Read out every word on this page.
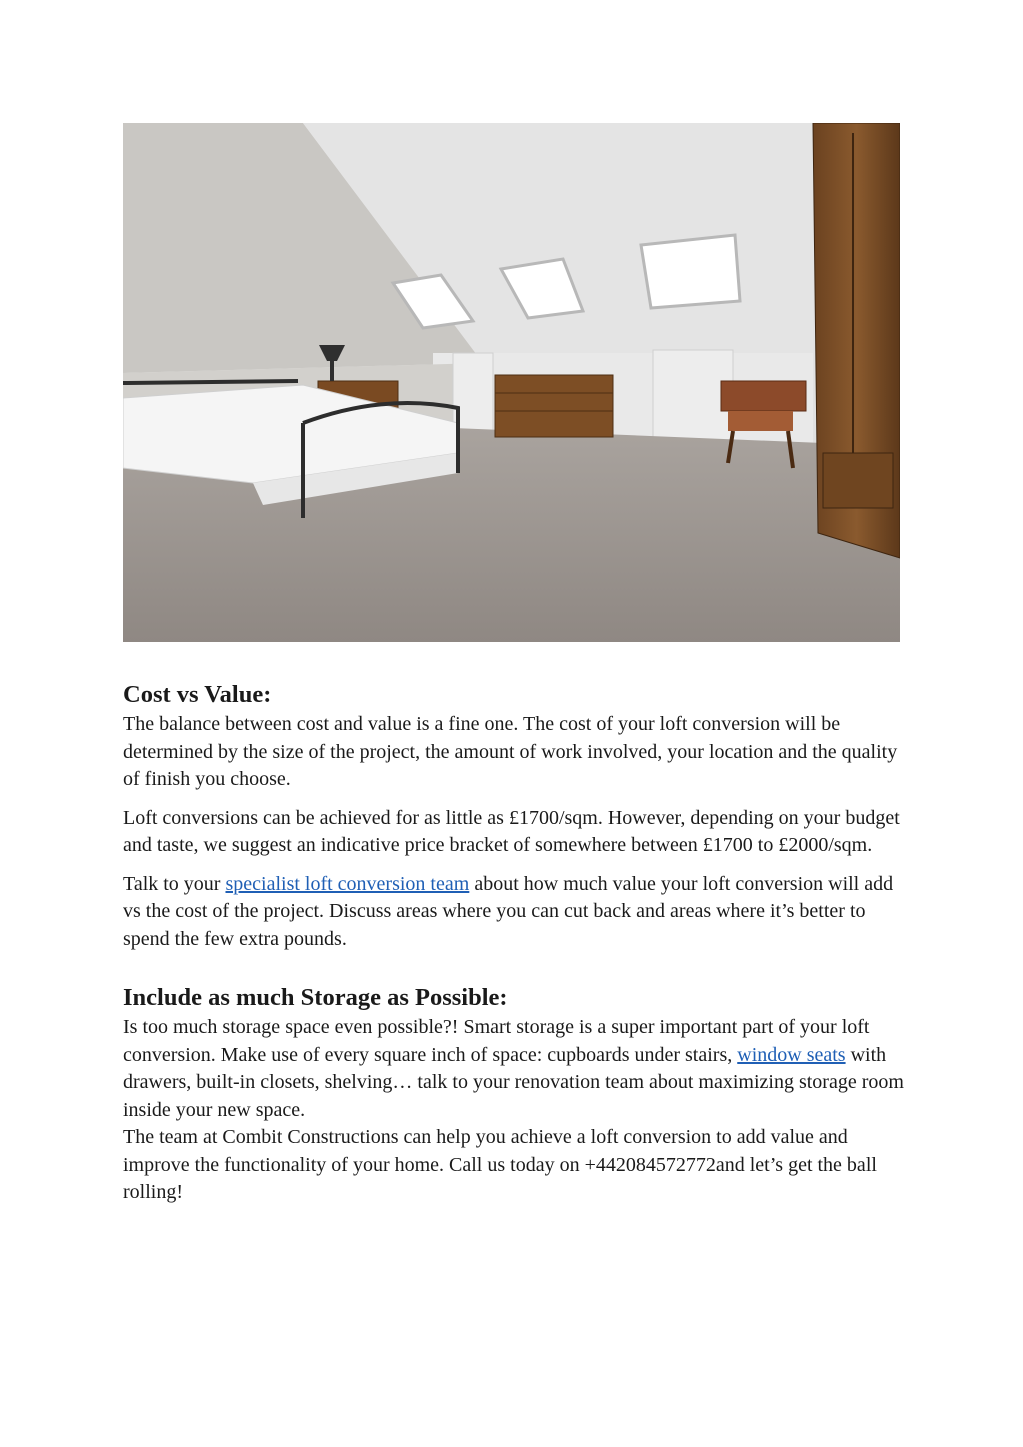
Cost vs Value:

The balance between cost and value is a fine one. The cost of your loft conversion will be determined by the size of the project, the amount of work involved, your location and the quality of finish you choose.

Loft conversions can be achieved for as little as £1700/sqm. However, depending on your budget and taste, we suggest an indicative price bracket of somewhere between £1700 to £2000/sqm.

Talk to your specialist loft conversion team about how much value your loft conversion will add vs the cost of the project. Discuss areas where you can cut back and areas where it’s better to spend the few extra pounds.

Include as much Storage as Possible:

Is too much storage space even possible?! Smart storage is a super important part of your loft conversion. Make use of every square inch of space: cupboards under stairs, window seats with drawers, built-in closets, shelving… talk to your renovation team about maximizing storage room inside your new space.

The team at Combit Constructions can help you achieve a loft conversion to add value and improve the functionality of your home. Call us today on +442084572772and let’s get the ball rolling!
